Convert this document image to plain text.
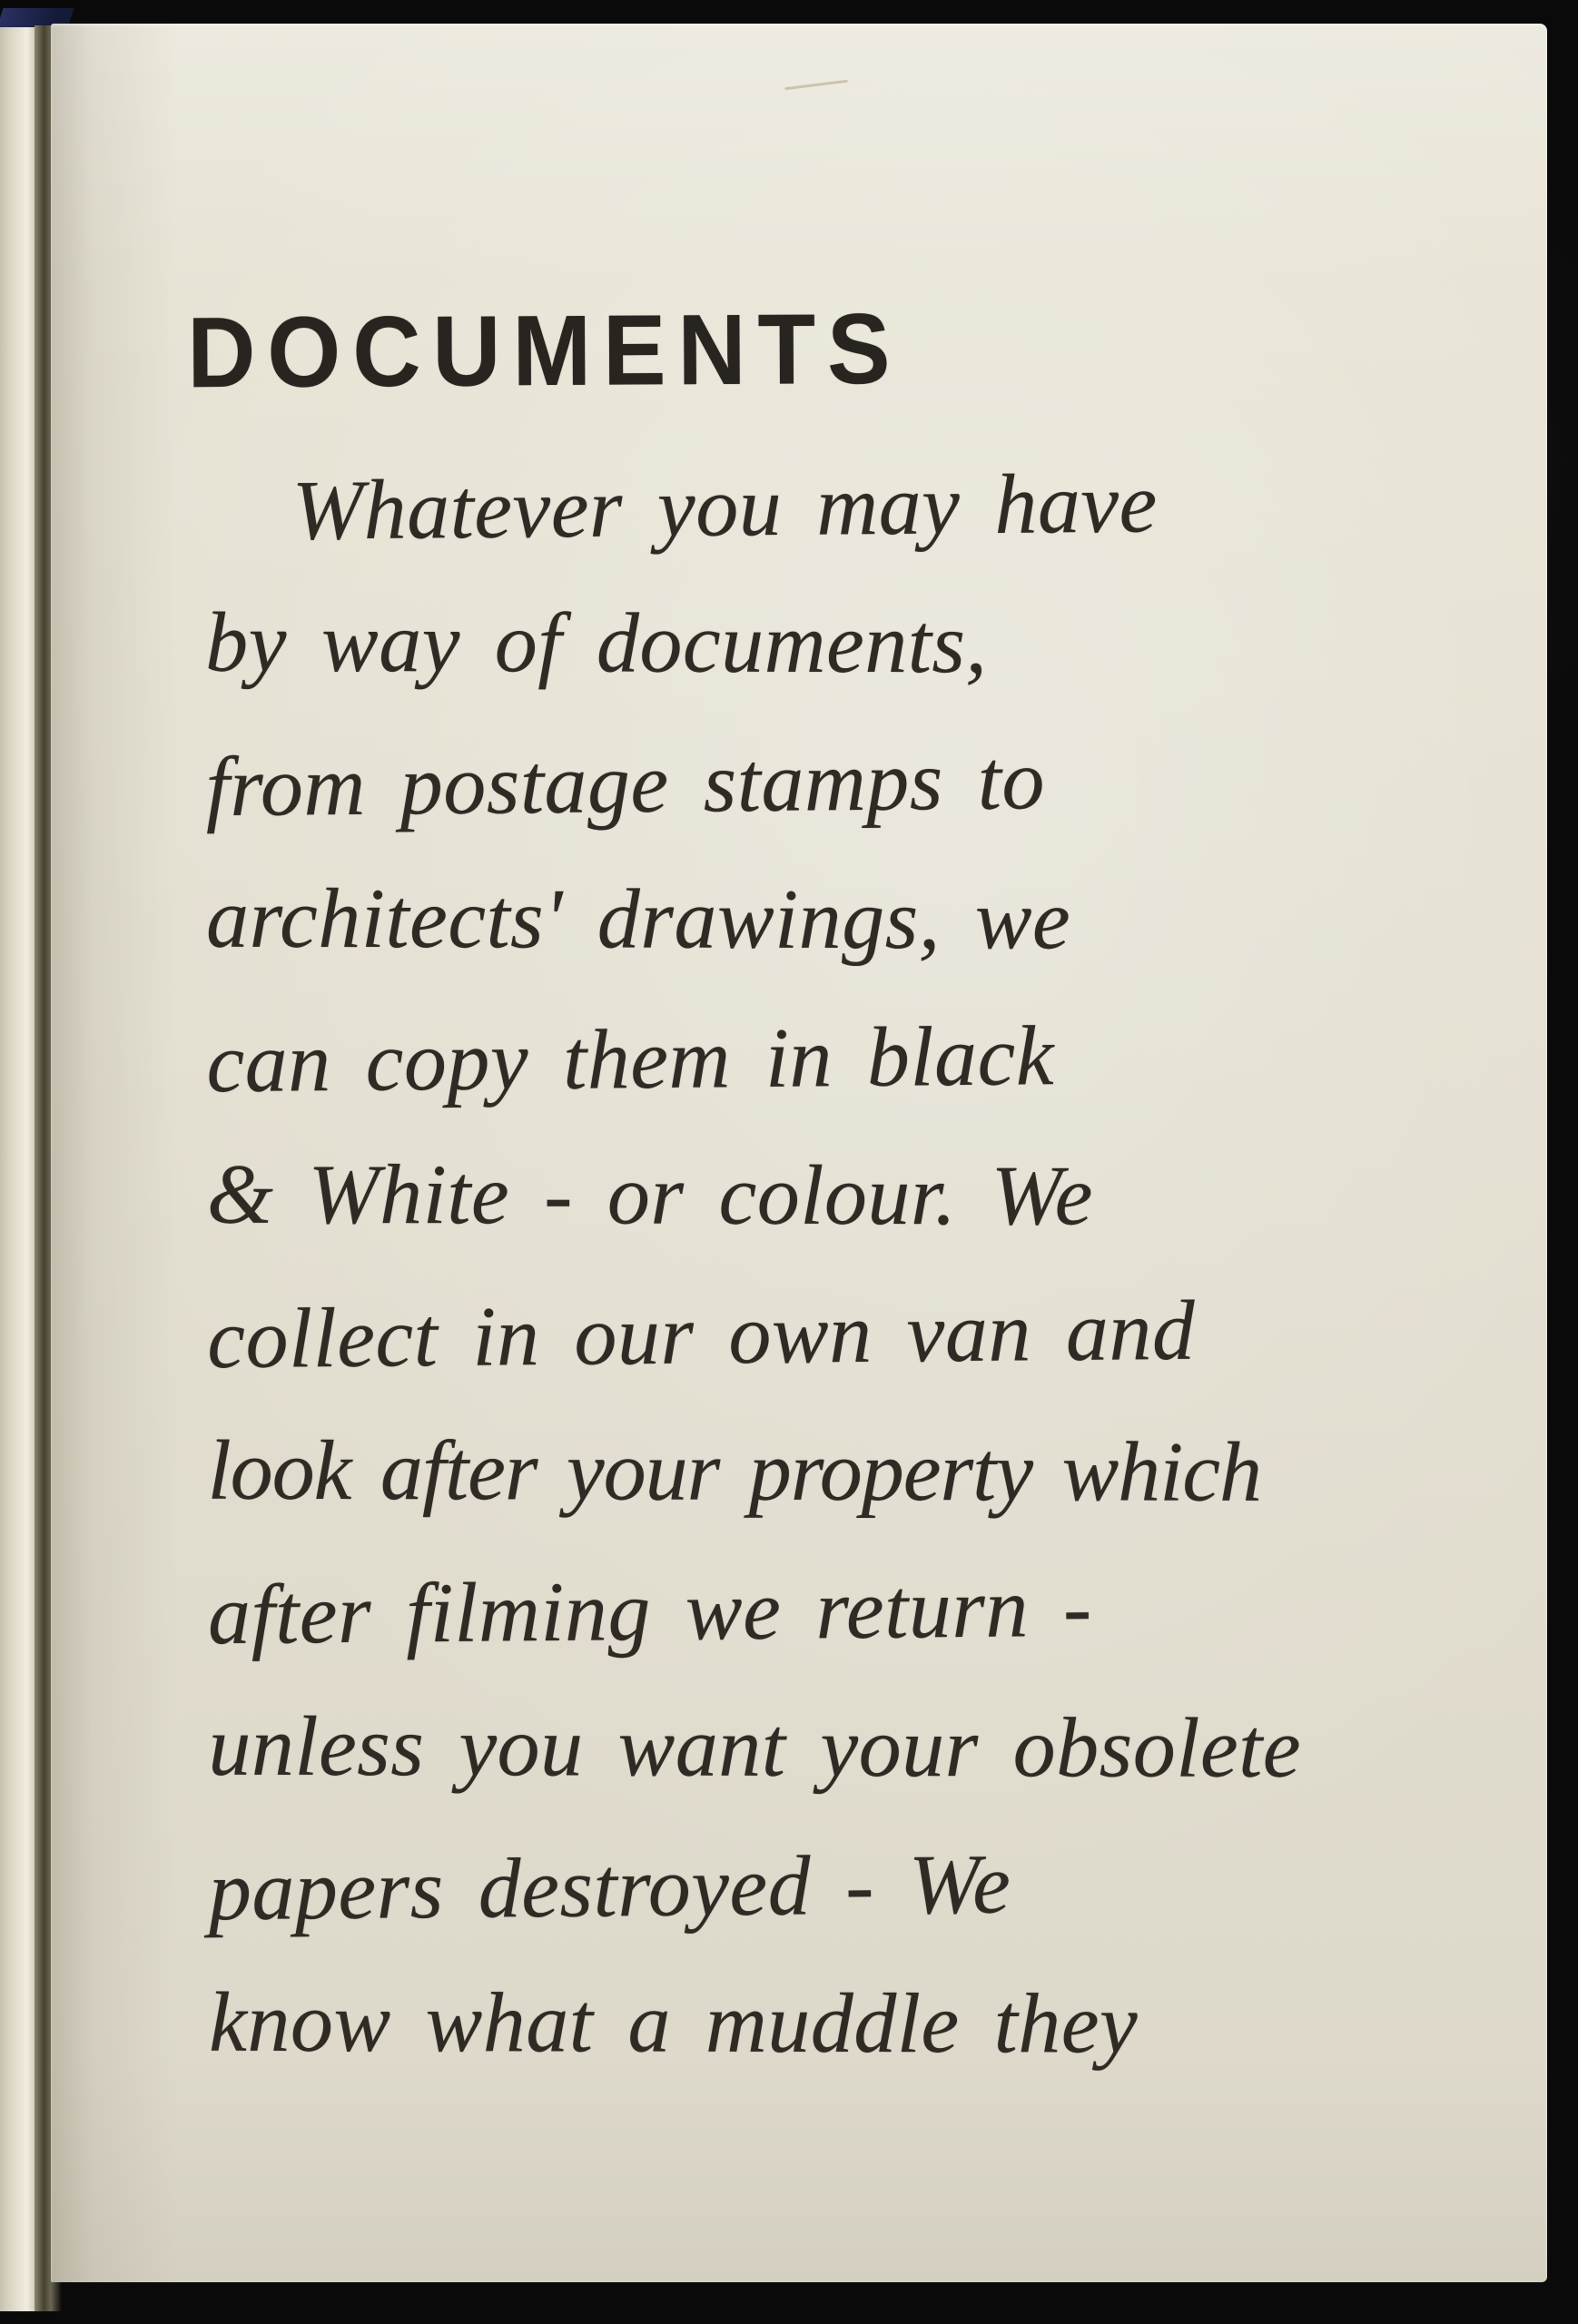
DOCUMENTS
Whatever you may have
by way of documents,
from postage stamps to
architects' drawings, we
can copy them in black
& White - or colour. We
collect in our own van and
look after your property which
after filming we return -
unless you want your obsolete
papers destroyed - We
know what a muddle they
